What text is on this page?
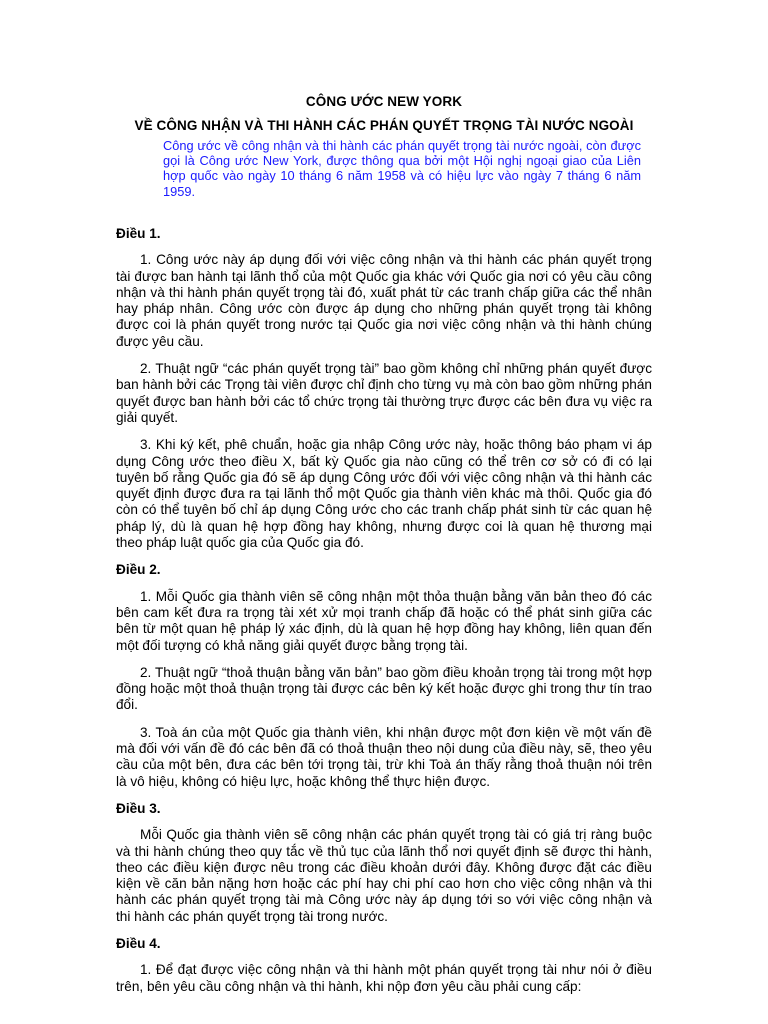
CÔNG ƯỚC NEW YORK
VỀ CÔNG NHẬN VÀ THI HÀNH CÁC PHÁN QUYẾT TRỌNG TÀI NƯỚC NGOÀI
Công ước về công nhận và thi hành các phán quyết trọng tài nước ngoài, còn được gọi là Công ước New York, được thông qua bởi một Hội nghị ngoại giao của Liên hợp quốc vào ngày 10 tháng 6 năm 1958 và có hiệu lực vào ngày 7 tháng 6 năm 1959.
Điều 1.

1. Công ước này áp dụng đối với việc công nhận và thi hành các phán quyết trọng tài được ban hành tại lãnh thổ của một Quốc gia khác với Quốc gia nơi có yêu cầu công nhận và thi hành phán quyết trọng tài đó, xuất phát từ các tranh chấp giữa các thể nhân hay pháp nhân. Công ước còn được áp dụng cho những phán quyết trọng tài không được coi là phán quyết trong nước tại Quốc gia nơi việc công nhận và thi hành chúng được yêu cầu.

2. Thuật ngữ “các phán quyết trọng tài” bao gồm không chỉ những phán quyết được ban hành bởi các Trọng tài viên được chỉ định cho từng vụ mà còn bao gồm những phán quyết được ban hành bởi các tổ chức trọng tài thường trực được các bên đưa vụ việc ra giải quyết.

3. Khi ký kết, phê chuẩn, hoặc gia nhập Công ước này, hoặc thông báo phạm vi áp dụng Công ước theo điều X, bất kỳ Quốc gia nào cũng có thể trên cơ sở có đi có lại tuyên bố rằng Quốc gia đó sẽ áp dụng Công ước đối với việc công nhận và thi hành các quyết định được đưa ra tại lãnh thổ một Quốc gia thành viên khác mà thôi. Quốc gia đó còn có thể tuyên bố chỉ áp dụng Công ước cho các tranh chấp phát sinh từ các quan hệ pháp lý, dù là quan hệ hợp đồng hay không, nhưng được coi là quan hệ thương mại theo pháp luật quốc gia của Quốc gia đó.

Điều 2.

1. Mỗi Quốc gia thành viên sẽ công nhận một thỏa thuận bằng văn bản theo đó các bên cam kết đưa ra trọng tài xét xử mọi tranh chấp đã hoặc có thể phát sinh giữa các bên từ một quan hệ pháp lý xác định, dù là quan hệ hợp đồng hay không, liên quan đến một đối tượng có khả năng giải quyết được bằng trọng tài.

2. Thuật ngữ “thoả thuận bằng văn bản” bao gồm điều khoản trọng tài trong một hợp đồng hoặc một thoả thuận trọng tài được các bên ký kết hoặc được ghi trong thư tín trao đổi.

3. Toà án của một Quốc gia thành viên, khi nhận được một đơn kiện về một vấn đề mà đối với vấn đề đó các bên đã có thoả thuận theo nội dung của điều này, sẽ, theo yêu cầu của một bên, đưa các bên tới trọng tài, trừ khi Toà án thấy rằng thoả thuận nói trên là vô hiệu, không có hiệu lực, hoặc không thể thực hiện được.

Điều 3.

Mỗi Quốc gia thành viên sẽ công nhận các phán quyết trọng tài có giá trị ràng buộc và thi hành chúng theo quy tắc về thủ tục của lãnh thổ nơi quyết định sẽ được thi hành, theo các điều kiện được nêu trong các điều khoản dưới đây. Không được đặt các điều kiện về căn bản nặng hơn hoặc các phí hay chi phí cao hơn cho việc công nhận và thi hành các phán quyết trọng tài mà Công ước này áp dụng tới so với việc công nhận và thi hành các phán quyết trọng tài trong nước.

Điều 4.

1. Để đạt được việc công nhận và thi hành một phán quyết trọng tài như nói ở điều trên, bên yêu cầu công nhận và thi hành, khi nộp đơn yêu cầu phải cung cấp:
